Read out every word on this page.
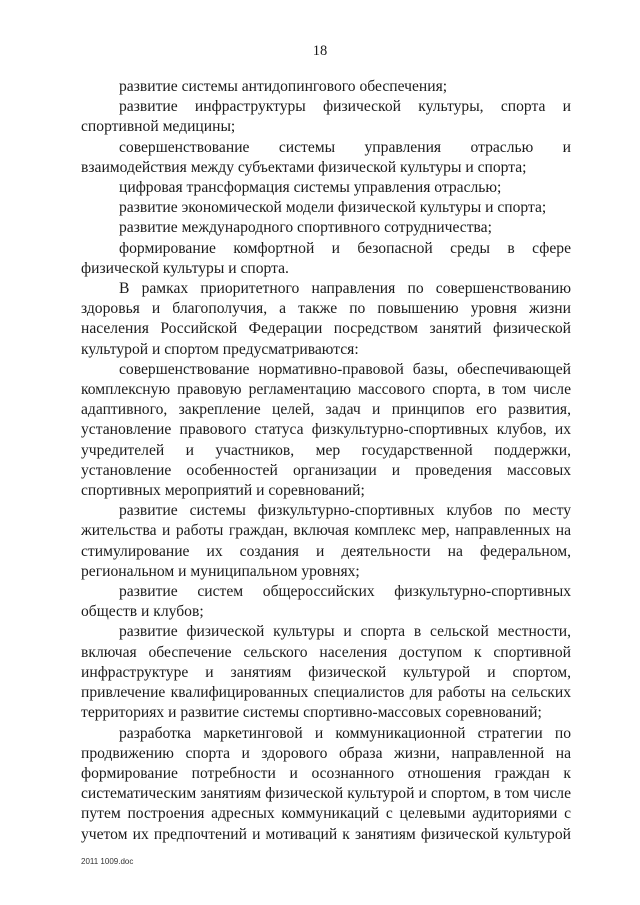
18

развитие системы антидопингового обеспечения;

развитие инфраструктуры физической культуры, спорта и спортивной медицины;

совершенствование системы управления отраслью и взаимодействия между субъектами физической культуры и спорта;

цифровая трансформация системы управления отраслью;

развитие экономической модели физической культуры и спорта;

развитие международного спортивного сотрудничества;

формирование комфортной и безопасной среды в сфере физической культуры и спорта.

В рамках приоритетного направления по совершенствованию здоровья и благополучия, а также по повышению уровня жизни населения Российской Федерации посредством занятий физической культурой и спортом предусматриваются:

совершенствование нормативно-правовой базы, обеспечивающей комплексную правовую регламентацию массового спорта, в том числе адаптивного, закрепление целей, задач и принципов его развития, установление правового статуса физкультурно-спортивных клубов, их учредителей и участников, мер государственной поддержки, установление особенностей организации и проведения массовых спортивных мероприятий и соревнований;

развитие системы физкультурно-спортивных клубов по месту жительства и работы граждан, включая комплекс мер, направленных на стимулирование их создания и деятельности на федеральном, региональном и муниципальном уровнях;

развитие систем общероссийских физкультурно-спортивных обществ и клубов;

развитие физической культуры и спорта в сельской местности, включая обеспечение сельского населения доступом к спортивной инфраструктуре и занятиям физической культурой и спортом, привлечение квалифицированных специалистов для работы на сельских территориях и развитие системы спортивно-массовых соревнований;

разработка маркетинговой и коммуникационной стратегии по продвижению спорта и здорового образа жизни, направленной на формирование потребности и осознанного отношения граждан к систематическим занятиям физической культурой и спортом, в том числе путем построения адресных коммуникаций с целевыми аудиториями с учетом их предпочтений и мотиваций к занятиям физической культурой

2011 1009.doc
